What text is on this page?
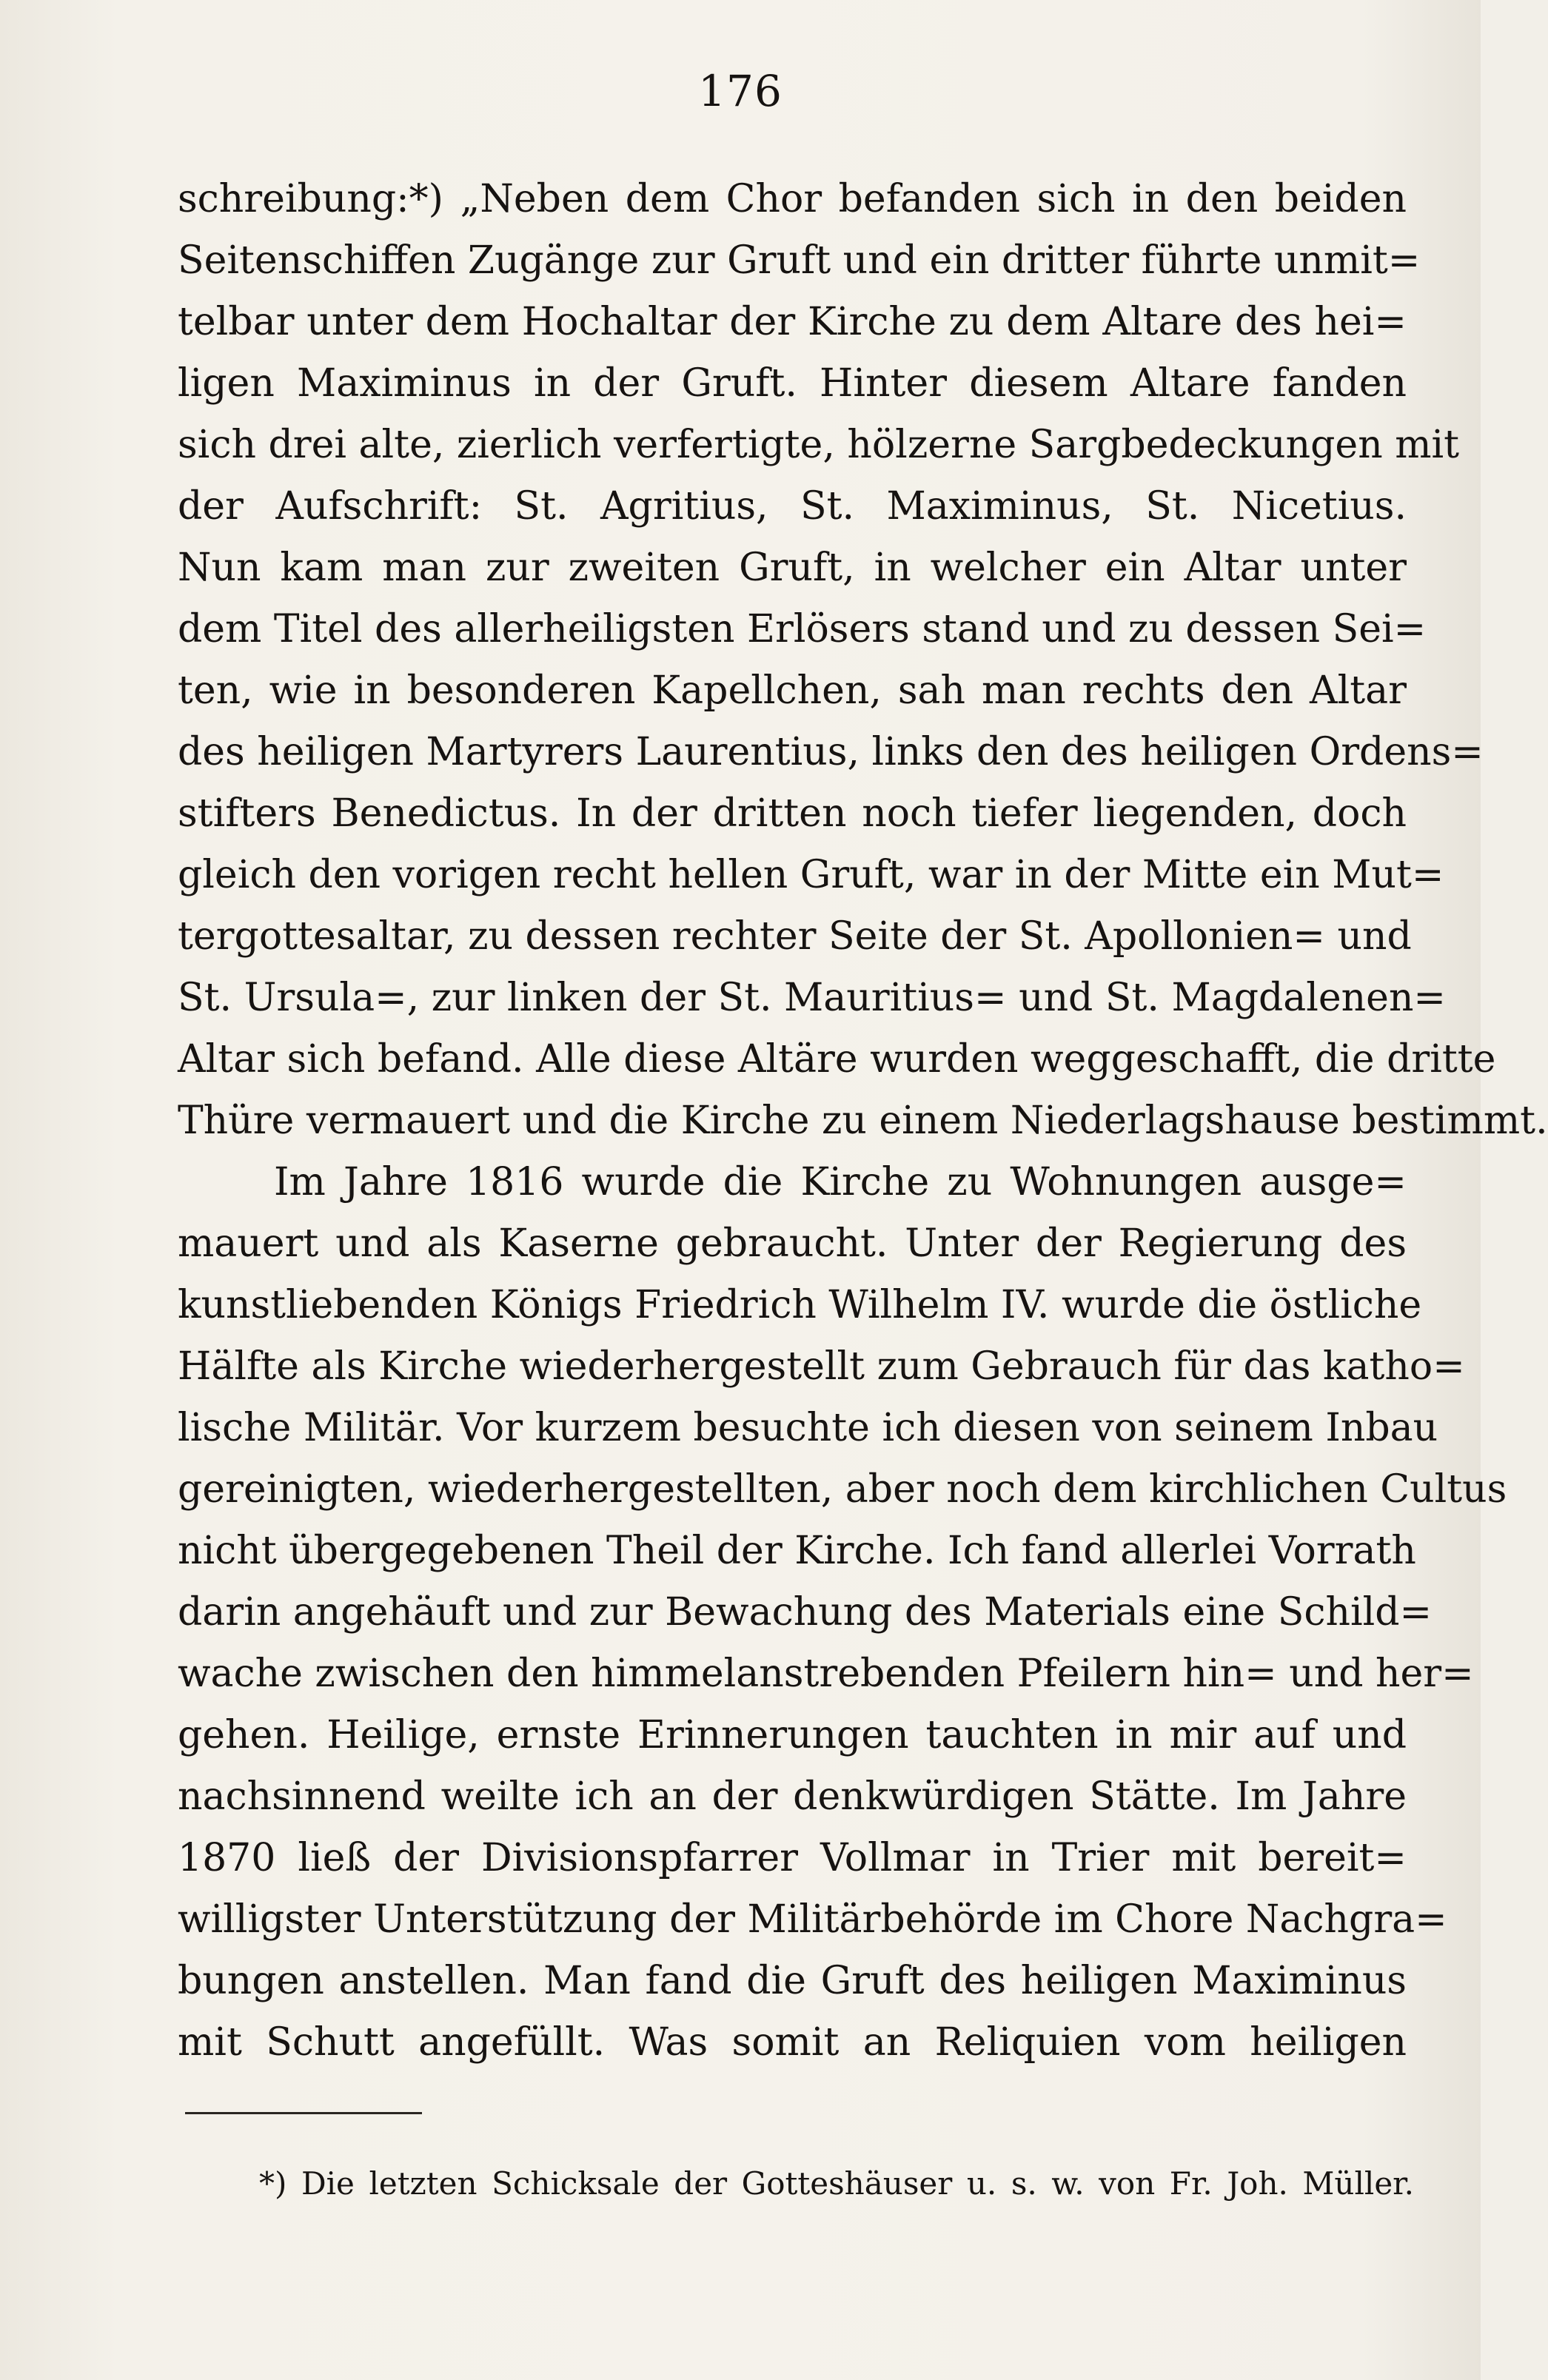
176
schreibung:*) „Neben dem Chor befanden sich in den beiden
Seitenschiffen Zugänge zur Gruft und ein dritter führte unmit=
telbar unter dem Hochaltar der Kirche zu dem Altare des hei=
ligen Maximinus in der Gruft. Hinter diesem Altare fanden
sich drei alte, zierlich verfertigte, hölzerne Sargbedeckungen mit
der Aufschrift: St. Agritius, St. Maximinus, St. Nicetius.
Nun kam man zur zweiten Gruft, in welcher ein Altar unter
dem Titel des allerheiligsten Erlösers stand und zu dessen Sei=
ten, wie in besonderen Kapellchen, sah man rechts den Altar
des heiligen Martyrers Laurentius, links den des heiligen Ordens=
stifters Benedictus. In der dritten noch tiefer liegenden, doch
gleich den vorigen recht hellen Gruft, war in der Mitte ein Mut=
tergottesaltar, zu dessen rechter Seite der St. Apollonien= und
St. Ursula=, zur linken der St. Mauritius= und St. Magdalenen=
Altar sich befand. Alle diese Altäre wurden weggeschafft, die dritte
Thüre vermauert und die Kirche zu einem Niederlagshause bestimmt.
Im Jahre 1816 wurde die Kirche zu Wohnungen ausge=
mauert und als Kaserne gebraucht. Unter der Regierung des
kunstliebenden Königs Friedrich Wilhelm IV. wurde die östliche
Hälfte als Kirche wiederhergestellt zum Gebrauch für das katho=
lische Militär. Vor kurzem besuchte ich diesen von seinem Inbau
gereinigten, wiederhergestellten, aber noch dem kirchlichen Cultus
nicht übergegebenen Theil der Kirche. Ich fand allerlei Vorrath
darin angehäuft und zur Bewachung des Materials eine Schild=
wache zwischen den himmelanstrebenden Pfeilern hin= und her=
gehen. Heilige, ernste Erinnerungen tauchten in mir auf und
nachsinnend weilte ich an der denkwürdigen Stätte. Im Jahre
1870 ließ der Divisionspfarrer Vollmar in Trier mit bereit=
willigster Unterstützung der Militärbehörde im Chore Nachgra=
bungen anstellen. Man fand die Gruft des heiligen Maximinus
mit Schutt angefüllt. Was somit an Reliquien vom heiligen
*) Die letzten Schicksale der Gotteshäuser u. s. w. von Fr. Joh. Müller.
